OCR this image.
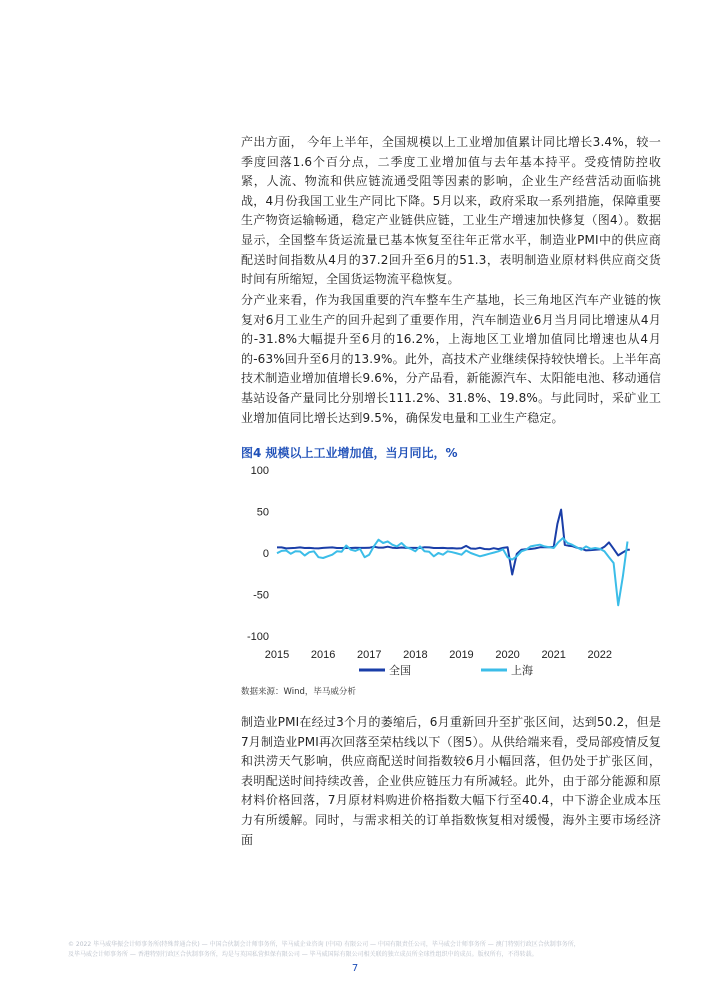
产出方面， 今年上半年，全国规模以上工业增加值累计同比增长3.4%，较一季度回落1.6个百分点，二季度工业增加值与去年基本持平。受疫情防控收紧，人流、物流和供应链流通受阻等因素的影响，企业生产经营活动面临挑战，4月份我国工业生产同比下降。5月以来，政府采取一系列措施，保障重要生产物资运输畅通，稳定产业链供应链，工业生产增速加快修复（图4）。数据显示，全国整车货运流量已基本恢复至往年正常水平，制造业PMI中的供应商配送时间指数从4月的37.2回升至6月的51.3，表明制造业原材料供应商交货时间有所缩短，全国货运物流平稳恢复。
分产业来看，作为我国重要的汽车整车生产基地，长三角地区汽车产业链的恢复对6月工业生产的回升起到了重要作用，汽车制造业6月当月同比增速从4月的-31.8%大幅提升至6月的16.2%，上海地区工业增加值同比增速也从4月的-63%回升至6月的13.9%。此外，高技术产业继续保持较快增长。上半年高技术制造业增加值增长9.6%，分产品看，新能源汽车、太阳能电池、移动通信基站设备产量同比分别增长111.2%、31.8%、19.8%。与此同时，采矿业工业增加值同比增长达到9.5%，确保发电量和工业生产稳定。
图4 规模以上工业增加值，当月同比，%
100
50
0
-50
-100
2015 2016 2017 2018 2019 2020 2021 2022
全国	上海
数据来源：Wind，毕马威分析
制造业PMI在经过3个月的萎缩后，6月重新回升至扩张区间，达到50.2，但是7月制造业PMI再次回落至荣枯线以下（图5）。从供给端来看，受局部疫情反复和洪涝天气影响，供应商配送时间指数较6月小幅回落，但仍处于扩张区间，表明配送时间持续改善，企业供应链压力有所减轻。此外，由于部分能源和原材料价格回落，7月原材料购进价格指数大幅下行至40.4，中下游企业成本压力有所缓解。同时，与需求相关的订单指数恢复相对缓慢，海外主要市场经济面
© 2022 毕马威华振会计师事务所(特殊普通合伙) — 中国合伙制会计师事务所，毕马威企业咨询 (中国) 有限公司 — 中国有限责任公司，毕马威会计师事务所 — 澳门特别行政区合伙制事务所，
及毕马威会计师事务所 — 香港特别行政区合伙制事务所，均是与英国私营担保有限公司 — 毕马威国际有限公司相关联的独立成员所全球性组织中的成员。版权所有，不得转载。
7
